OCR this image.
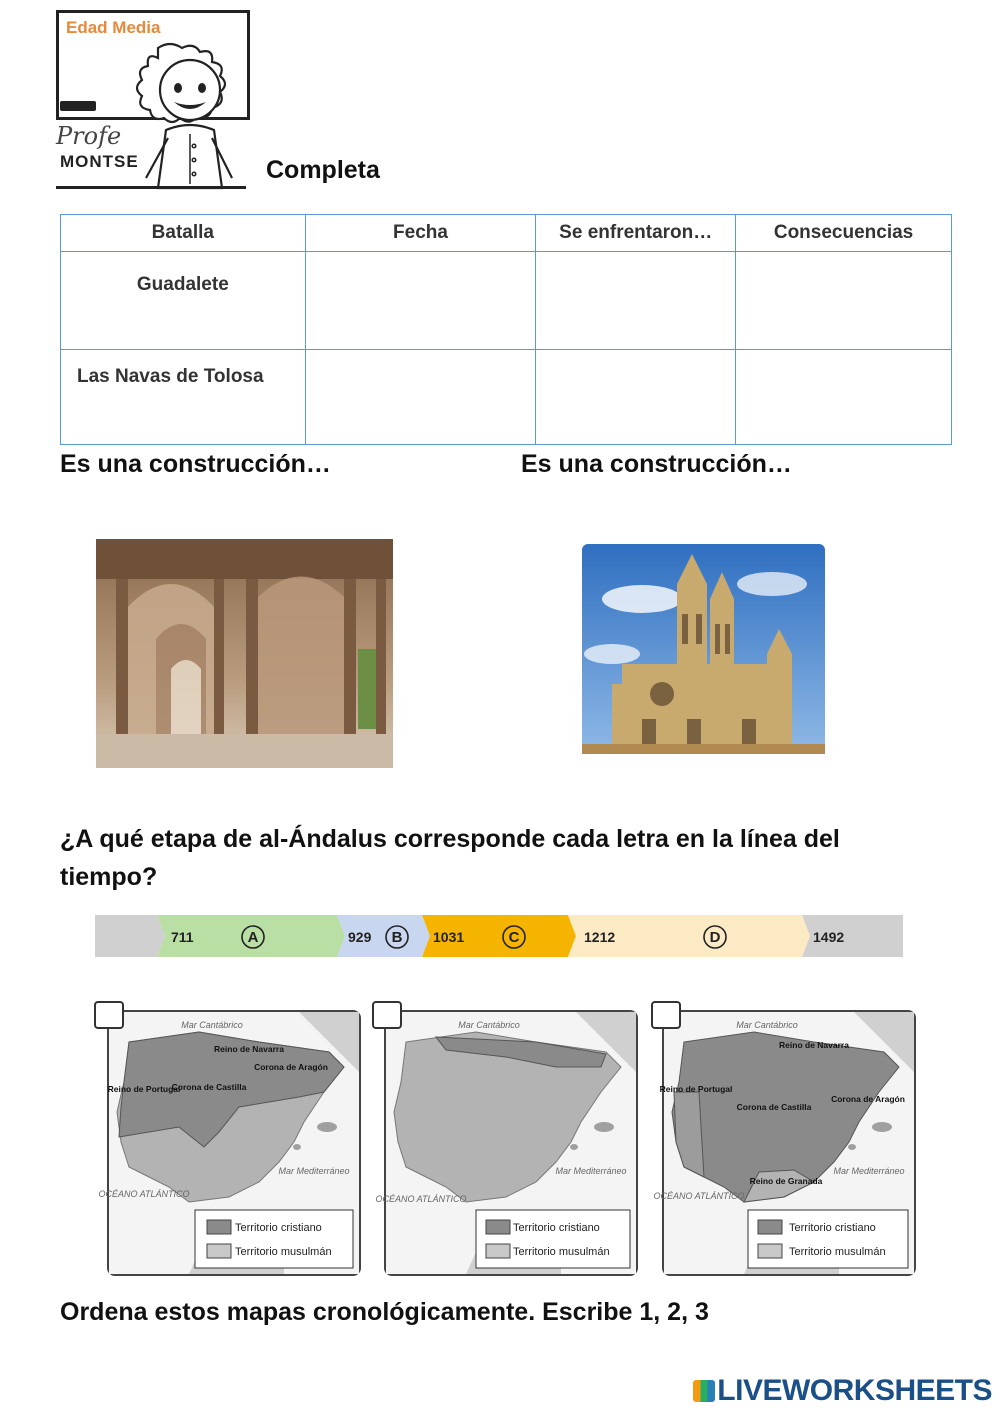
Edad Media
Profe
MONTSE	Completa
Batalla	Fecha	Se enfrentaron…	Consecuencias
Guadalete			
Las Navas de Tolosa			
Es una construcción…	Es una construcción…
¿A qué etapa de al-Ándalus corresponde cada letra en la línea del tiempo?
711	929	1031	1212	1492
A	B	C	D
Reino de Portugal
Corona de Castilla
Reino de Navarra
Corona de Aragón
Mar Cantábrico
Mar Mediterráneo
OCÉANO ATLÁNTICO
Territorio cristiano
Territorio musulmán
Mar Cantábrico
Mar Mediterráneo
OCÉANO ATLÁNTICO
Territorio cristiano
Territorio musulmán
Reino de Portugal
Corona de Castilla
Reino de Navarra
Corona de Aragón
Reino de Granada
Mar Cantábrico
Mar Mediterráneo
OCÉANO ATLÁNTICO
Territorio cristiano
Territorio musulmán
Ordena estos mapas cronológicamente. Escribe 1, 2, 3
LIVEWORKSHEETS
